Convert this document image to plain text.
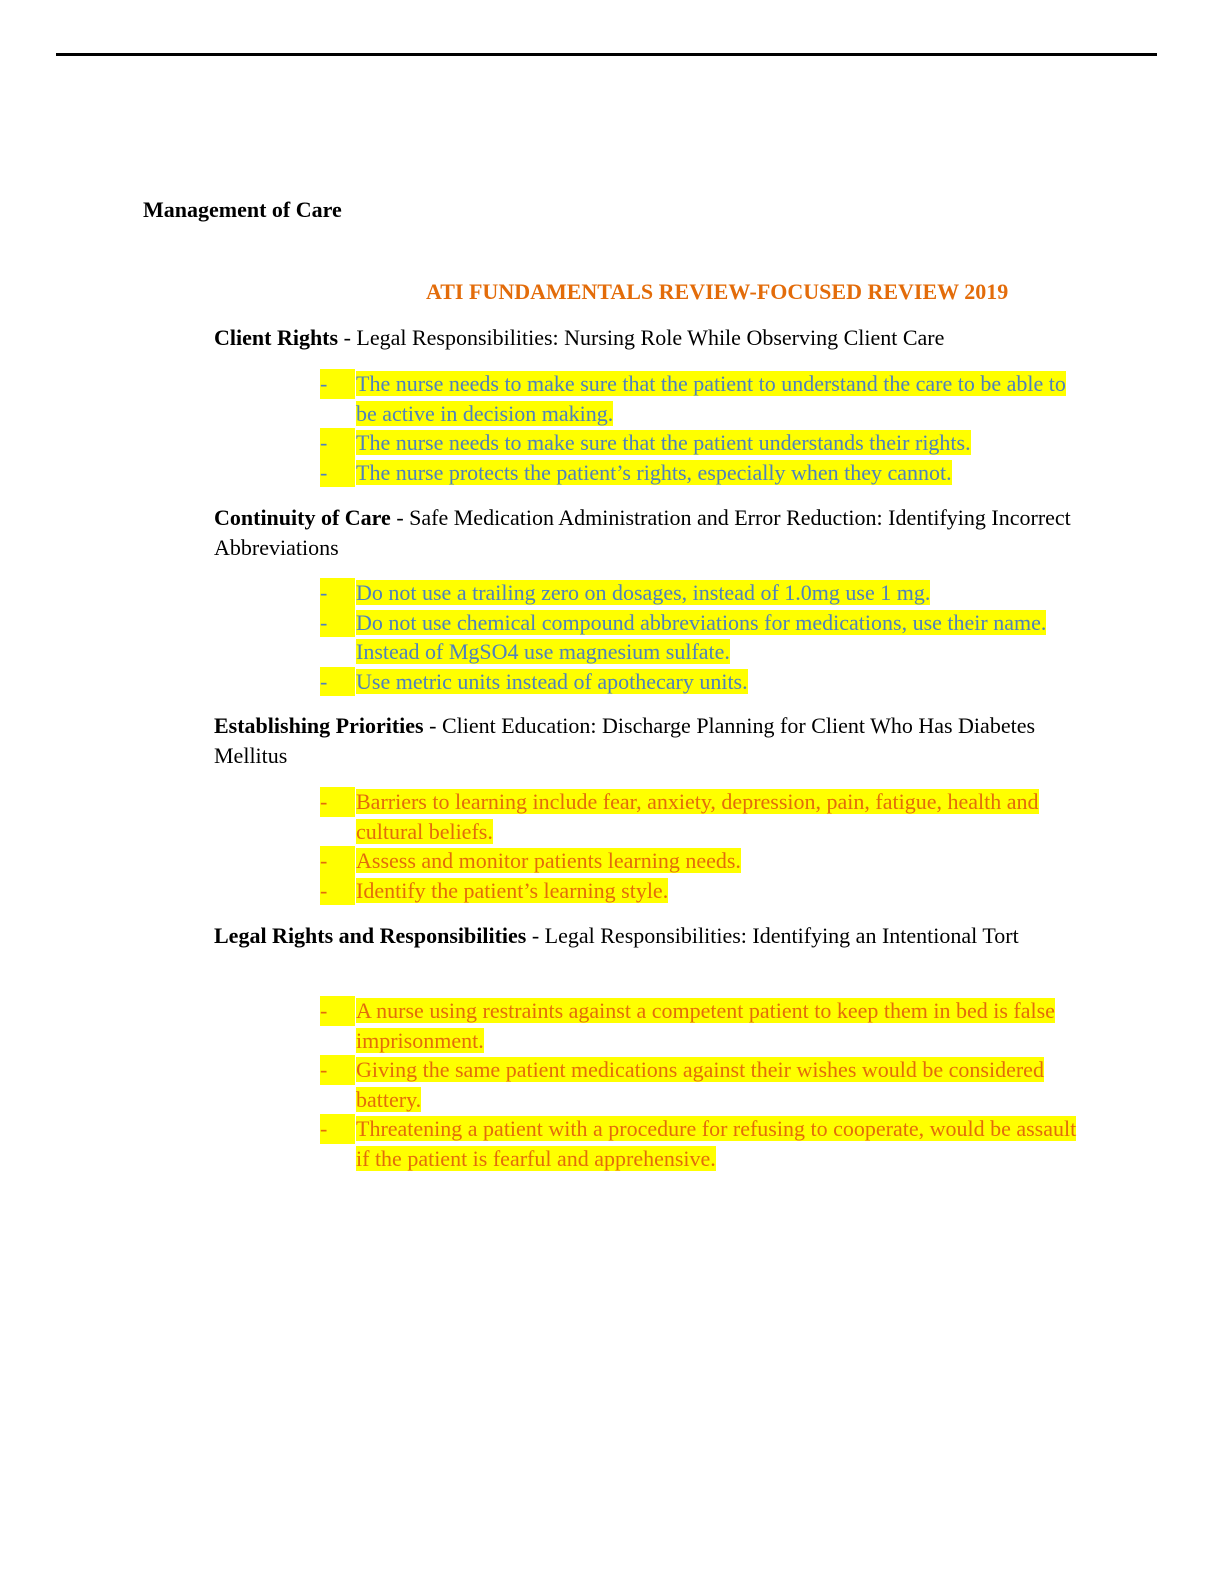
Management of Care
ATI FUNDAMENTALS REVIEW-FOCUSED REVIEW 2019

Client Rights - Legal Responsibilities: Nursing Role While Observing Client Care

-	The nurse needs to make sure that the patient to understand the care to be able to be active in decision making.
-	The nurse needs to make sure that the patient understands their rights.
-	The nurse protects the patient’s rights, especially when they cannot.

Continuity of Care - Safe Medication Administration and Error Reduction: Identifying Incorrect Abbreviations

-	Do not use a trailing zero on dosages, instead of 1.0mg use 1 mg.
-	Do not use chemical compound abbreviations for medications, use their name. Instead of MgSO4 use magnesium sulfate.
-	Use metric units instead of apothecary units.

Establishing Priorities - Client Education: Discharge Planning for Client Who Has Diabetes Mellitus

-	Barriers to learning include fear, anxiety, depression, pain, fatigue, health and cultural beliefs.
-	Assess and monitor patients learning needs.
-	Identify the patient’s learning style.

Legal Rights and Responsibilities - Legal Responsibilities: Identifying an Intentional Tort

-	A nurse using restraints against a competent patient to keep them in bed is false imprisonment.
-	Giving the same patient medications against their wishes would be considered battery.
-	Threatening a patient with a procedure for refusing to cooperate, would be assault if the patient is fearful and apprehensive.
